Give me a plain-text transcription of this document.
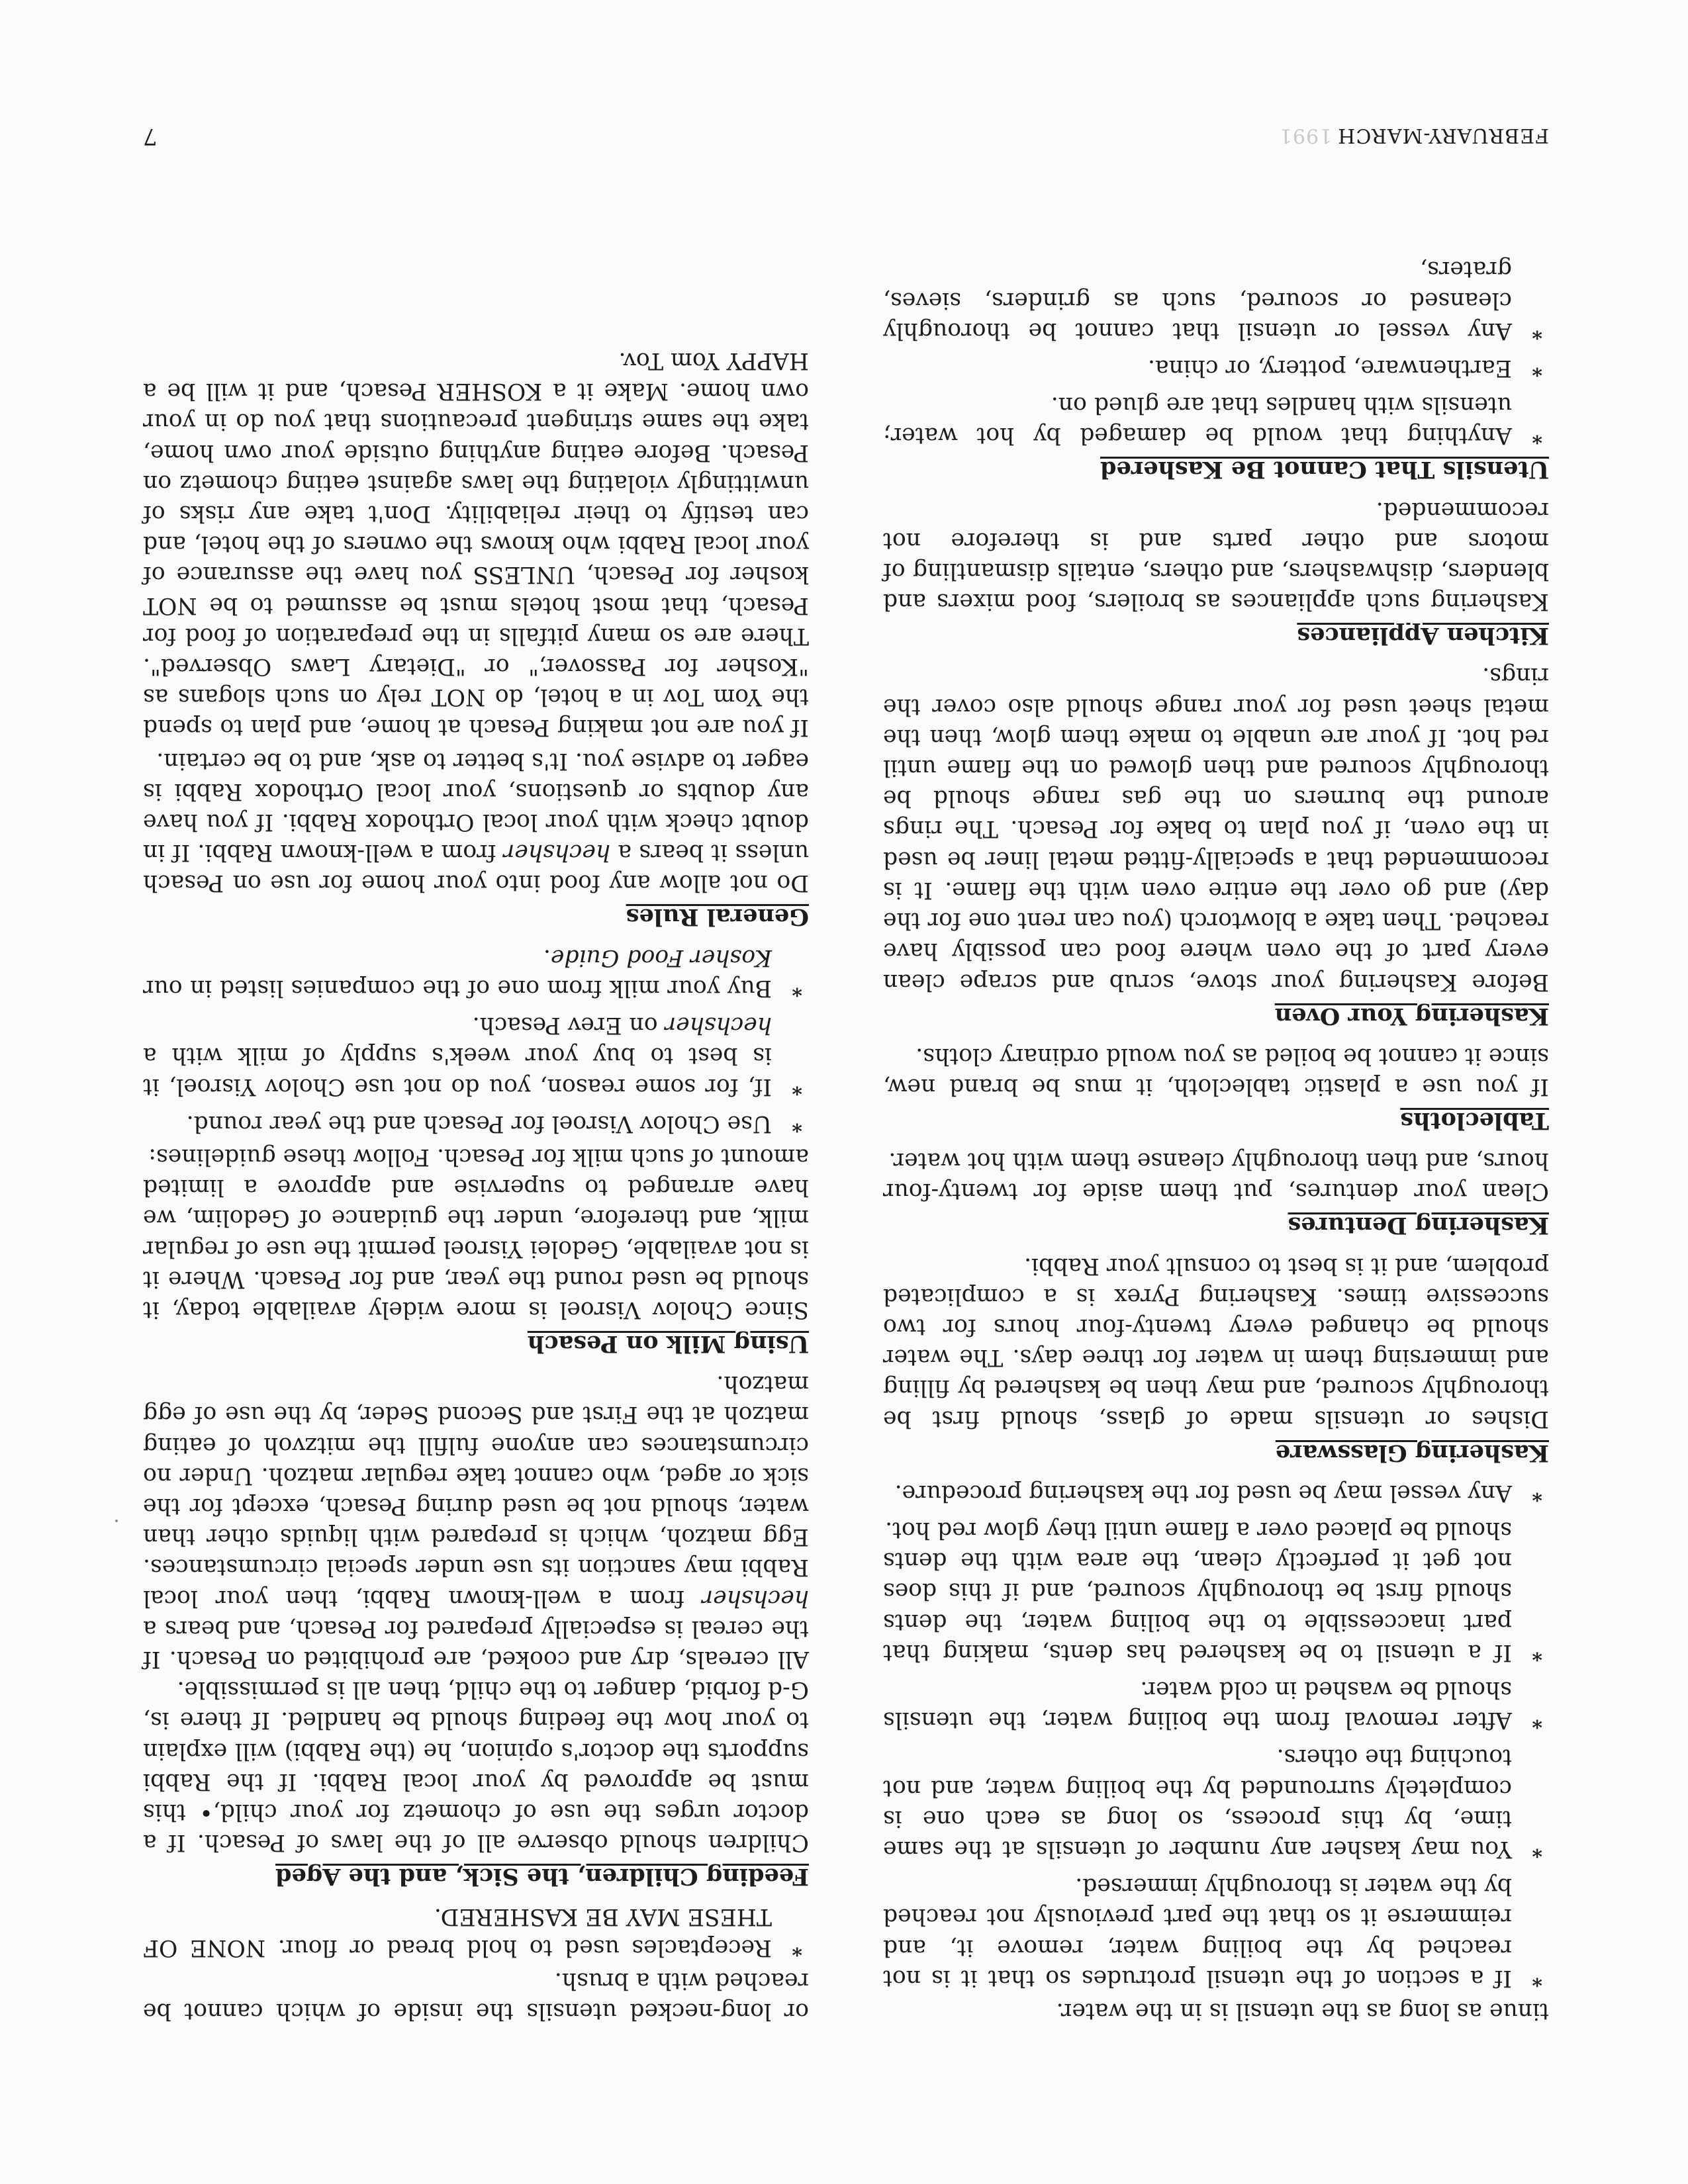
tinue as long as the utensil is in the water.

*
If a section of the utensil protrudes so that it is not reached by the boiling water, remove it, and reimmerse it so that the part previously not reached by the water is thoroughly immersed.
*
You may kasher any number of utensils at the same time, by this process, so long as each one is completely surrounded by the boiling water, and not touching the others.
*
After removal from the boiling water, the utensils should be washed in cold water.
*
If a utensil to be kashered has dents, making that part inaccessible to the boiling water, the dents should first be thoroughly scoured, and if this does not get it perfectly clean, the area with the dents should be placed over a flame until they glow red hot.
*
Any vessel may be used for the kashering procedure.
Kashering Glassware

Dishes or utensils made of glass, should first be thoroughly scoured, and may then be kashered by filling and immersing them in water for three days. The water should be changed every twenty-four hours for two successive times. Kashering Pyrex is a complicated problem, and it is best to consult your Rabbi.

Kashering Dentures

Clean your dentures, put them aside for twenty-four hours, and then thoroughly cleanse them with hot water.

Tablecloths

If you use a plastic tablecloth, it mus be brand new, since it cannot be boiled as you would ordinary cloths.

Kashering Your Oven

Before Kashering your stove, scrub and scrape clean every part of the oven where food can possibly have reached. Then take a blowtorch (you can rent one for the day) and go over the entire oven with the flame. It is recommended that a specially-fitted metal liner be used in the oven, if you plan to bake for Pesach. The rings around the burners on the gas range should be thoroughly scoured and then glowed on the flame until red hot. If your are unable to make them glow, then the metal sheet used for your range should also cover the rings.

Kitchen Appliances

Kashering such appliances as broilers, food mixers and blenders, dishwashers, and others, entails dismantling of motors and other parts and is therefore not recommended.

Utensils That Cannot Be Kashered
*
Anything that would be damaged by hot water; utensils with handles that are glued on.
*
Earthenware, pottery, or china.
*
Any vessel or utensil that cannot be thoroughly cleansed or scoured, such as grinders, sieves, graters,

or long-necked utensils the inside of which cannot be reached with a brush.

*
Receptacles used to hold bread or flour. NONE OF THESE MAY BE KASHERED.
Feeding Children, the Sick, and the Aged

Children should observe all of the laws of Pesach. If a doctor urges the use of chometz for your child,• this must be approved by your local Rabbi. If the Rabbi supports the doctor's opinion, he (the Rabbi) will explain to your how the feeding should be handled. If there is, G-d forbid, danger to the child, then all is permissible.

All cereals, dry and cooked, are prohibited on Pesach. If the cereal is especially prepared for Pesach, and bears a hechsher from a well-known Rabbi, then your local Rabbi may sanction its use under special circumstances. Egg matzoh, which is prepared with liquids other than water, should not be used during Pesach, except for the sick or aged, who cannot take regular matzoh. Under no circumstances can anyone fulfill the mitzvoh of eating matzoh at the First and Second Seder, by the use of egg matzoh.

Using Milk on Pesach

Since Cholov Visroel is more widely available today, it should be used round the year, and for Pesach. Where it is not available, Gedolei Yisroel permit the use of regular milk, and therefore, under the guidance of Gedolim, we have arranged to supervise and approve a limited amount of such milk for Pesach. Follow these guidelines:

*
Use Cholov Visroel for Pesach and the year round.
*
If, for some reason, you do not use Cholov Yisroel, it is best to buy your week's supply of milk with a hechsher on Erev Pesach.
*
Buy your milk from one of the companies listed in our Kosher Food Guide.
General Rules

Do not allow any food into your home for use on Pesach unless it bears a hechsher from a well-known Rabbi. If in doubt check with your local Orthodox Rabbi. If you have any doubts or questions, your local Orthodox Rabbi is eager to advise you. It's better to ask, and to be certain.

If you are not making Pesach at home, and plan to spend the Yom Tov in a hotel, do NOT rely on such slogans as "Kosher for Passover," or "Dietary Laws Observed". There are so many pitfalls in the preparation of food for Pesach, that most hotels must be assumed to be NOT kosher for Pesach, UNLESS you have the assurance of your local Rabbi who knows the owners of the hotel, and can testify to their reliability. Don't take any risks of unwittingly violating the laws against eating chometz on Pesach. Before eating anything outside your own home, take the same stringent precautions that you do in your own home. Make it a KOSHER Pesach, and it will be a HAPPY Yom Tov.

FEBRUARY-MARCH1991
7
